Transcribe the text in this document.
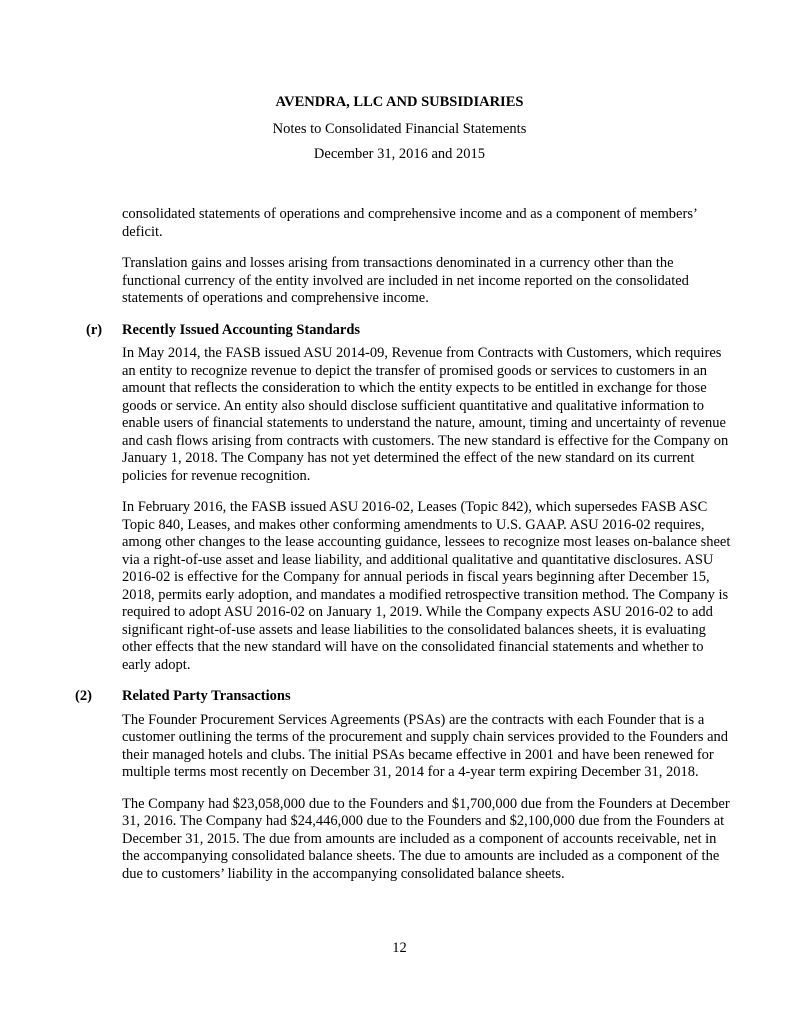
AVENDRA, LLC AND SUBSIDIARIES
Notes to Consolidated Financial Statements
December 31, 2016 and 2015

consolidated statements of operations and comprehensive income and as a component of members’ deficit.

Translation gains and losses arising from transactions denominated in a currency other than the functional currency of the entity involved are included in net income reported on the consolidated statements of operations and comprehensive income.

(r)	Recently Issued Accounting Standards

In May 2014, the FASB issued ASU 2014-09, Revenue from Contracts with Customers, which requires an entity to recognize revenue to depict the transfer of promised goods or services to customers in an amount that reflects the consideration to which the entity expects to be entitled in exchange for those goods or service. An entity also should disclose sufficient quantitative and qualitative information to enable users of financial statements to understand the nature, amount, timing and uncertainty of revenue and cash flows arising from contracts with customers. The new standard is effective for the Company on January 1, 2018. The Company has not yet determined the effect of the new standard on its current policies for revenue recognition.

In February 2016, the FASB issued ASU 2016-02, Leases (Topic 842), which supersedes FASB ASC Topic 840, Leases, and makes other conforming amendments to U.S. GAAP. ASU 2016-02 requires, among other changes to the lease accounting guidance, lessees to recognize most leases on-balance sheet via a right-of-use asset and lease liability, and additional qualitative and quantitative disclosures. ASU 2016-02 is effective for the Company for annual periods in fiscal years beginning after December 15, 2018, permits early adoption, and mandates a modified retrospective transition method. The Company is required to adopt ASU 2016-02 on January 1, 2019. While the Company expects ASU 2016-02 to add significant right-of-use assets and lease liabilities to the consolidated balances sheets, it is evaluating other effects that the new standard will have on the consolidated financial statements and whether to early adopt.

(2)	Related Party Transactions

The Founder Procurement Services Agreements (PSAs) are the contracts with each Founder that is a customer outlining the terms of the procurement and supply chain services provided to the Founders and their managed hotels and clubs. The initial PSAs became effective in 2001 and have been renewed for multiple terms most recently on December 31, 2014 for a 4-year term expiring December 31, 2018.

The Company had $23,058,000 due to the Founders and $1,700,000 due from the Founders at December 31, 2016. The Company had $24,446,000 due to the Founders and $2,100,000 due from the Founders at December 31, 2015. The due from amounts are included as a component of accounts receivable, net in the accompanying consolidated balance sheets. The due to amounts are included as a component of the due to customers’ liability in the accompanying consolidated balance sheets.

12
